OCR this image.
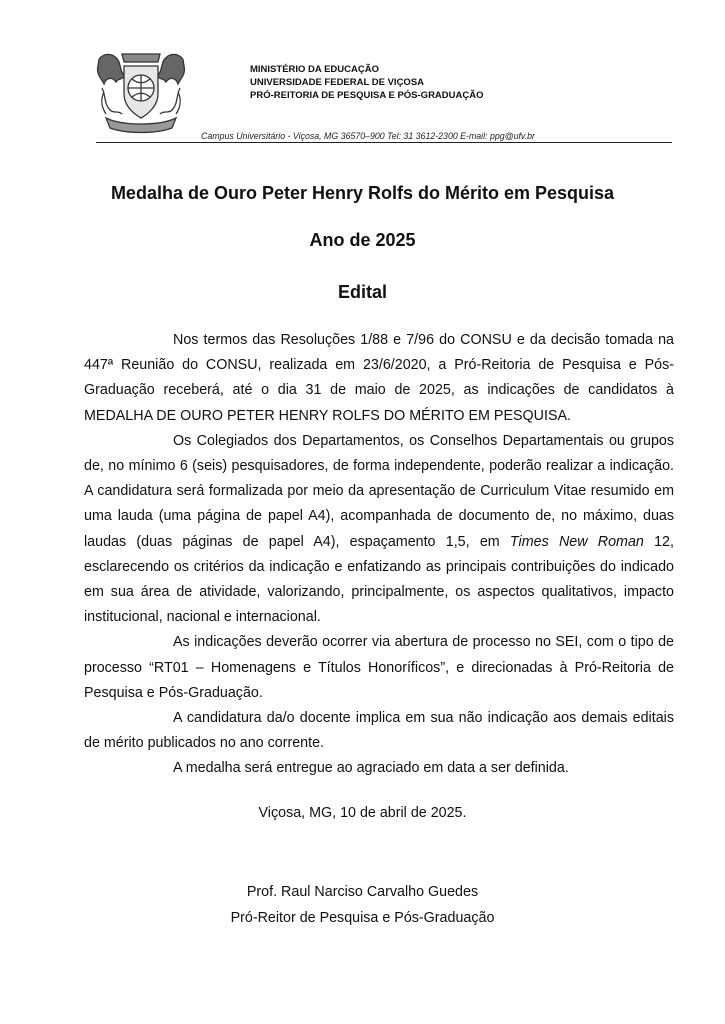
MINISTÉRIO DA EDUCAÇÃO
UNIVERSIDADE FEDERAL DE VIÇOSA
PRÓ-REITORIA DE PESQUISA E PÓS-GRADUAÇÃO
Campus Universitário - Viçosa, MG 36570–900 Tel: 31 3612-2300 E-mail: ppg@ufv.br
Medalha de Ouro Peter Henry Rolfs do Mérito em Pesquisa
Ano de 2025
Edital

Nos termos das Resoluções 1/88 e 7/96 do CONSU e da decisão tomada na 447ª Reunião do CONSU, realizada em 23/6/2020, a Pró-Reitoria de Pesquisa e Pós-Graduação receberá, até o dia 31 de maio de 2025, as indicações de candidatos à MEDALHA DE OURO PETER HENRY ROLFS DO MÉRITO EM PESQUISA.

Os Colegiados dos Departamentos, os Conselhos Departamentais ou grupos de, no mínimo 6 (seis) pesquisadores, de forma independente, poderão realizar a indicação. A candidatura será formalizada por meio da apresentação de Curriculum Vitae resumido em uma lauda (uma página de papel A4), acompanhada de documento de, no máximo, duas laudas (duas páginas de papel A4), espaçamento 1,5, em Times New Roman 12, esclarecendo os critérios da indicação e enfatizando as principais contribuições do indicado em sua área de atividade, valorizando, principalmente, os aspectos qualitativos, impacto institucional, nacional e internacional.

As indicações deverão ocorrer via abertura de processo no SEI, com o tipo de processo “RT01 – Homenagens e Títulos Honoríficos”, e direcionadas à Pró-Reitoria de Pesquisa e Pós-Graduação.

A candidatura da/o docente implica em sua não indicação aos demais editais de mérito publicados no ano corrente.

A medalha será entregue ao agraciado em data a ser definida.

Viçosa, MG, 10 de abril de 2025.
Prof. Raul Narciso Carvalho Guedes
Pró-Reitor de Pesquisa e Pós-Graduação
